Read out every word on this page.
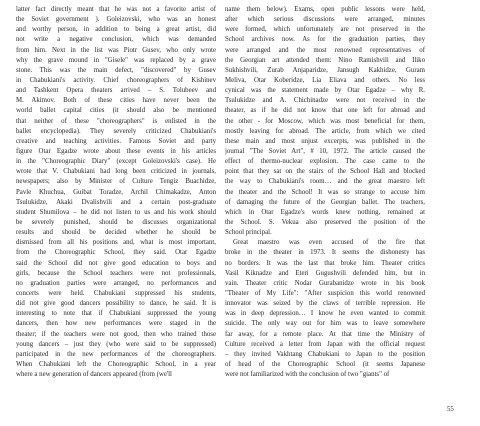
latter fact directly meant that he was not a favorite artist of
the Soviet government ). Goleizovski, who was an honest
and worthy person, in addition to being a great artist, did
not write a negative conclusion, which was demanded
from him. Next in the list was Piotr Gusev, who only wrote
why the grave mound in "Gisele" was replaced by a grave
stone. This was the main defect, "discovered" by Gusev
in Chabukiani's activity. Chief choreographers of Kishinev
and Tashkent Opera theaters arrived – S. Tolubeev and
M. Akimov. Both of these cities have never been the
world ballet capital cities (it should also be mentioned
that neither of these "choreographers" is enlisted in the
ballet encyclopedia). They severely criticized Chabukiani's
creative and teaching activities. Famous Soviet and party
figure Otar Egadze wrote about these events in his articles
in the "Choreographic Diary" (except Goleizovski's case). He
wrote that V. Chabukiani had long been criticized in journals,
newspapers; also by Minister of Culture Tengiz Buachidze,
Pavle Khuchua, Guibat Toradze, Archil Chimakadze, Anton
Tsulukidze, Akaki Dvalishvili and a certain post-graduate
student Shumilova – he did not listen to us and his work should
be severely punished, should be discusses organizational
results and should be decided whether he should be
dismissed from all his positions and, what is most important,
from the Choreographic School, they said. Otar Egadze
said the School did not give good education to boys and
girls, because the School teachers were not professionals,
no graduation parties were arranged, no performances and
concerts were held. Chabukiani suppressed his students,
did not give good dancers possibility to dance, he said. It is
interesting to note that if Chabukiani suppressed the young
dancers, then how new performances were staged in the
theater; if the teachers were not good, then who trained those
young dancers – just they (who were said to be suppressed)
participated in the new performances of the choreographers.
When Chabukiani left the Choreographic School, in a year
where a new generation of dancers appeared (from (we'll
name them below). Exams, open public lessons were held,
after which serious discussions were arranged, minutes
were formed, which unfortunately are not preserved in the
School archives now. As for the graduation parties, they
were arranged and the most renowned representatives of
the Georgian art attended them: Nino Ramishvili and Iliko
Sukhishvili, Zurab Anjaparidze, Jansugh Kakhidze, Guram
Meliva, Otar Koberidze, Lia Eliava and others. No less
cynical was the statement made by Otar Egadze – why R.
Tsulukidze and A. Chichinadze were not received in the
theater, as if he did not know that one left for abroad and
the other - for Moscow, which was most beneficial for them,
mostly leaving for abroad. The article, from which we cited
these main and most unjust excerpts, was published in the
journal "The Soviet Art", # 10, 1972. The article caused the
effect of thermo-nuclear explosion. The case came to the
point that they sat on the stairs of the School Hall and blocked
the way to Chabukiani's room… and the great maestro left
the theater and the School! It was so strange to accuse him
of damaging the future of the Georgian ballet. The teachers,
which in Otar Egadze's words knew nothing, remained at
the School. S. Vekua also preserved the position of the
School principal.
Great maestro was even accused of the fire that
broke in the theater in 1973. It seems the dishonesty has
no borders. It was the last that broke him. Theater critics
Vasil Kiknadze and Eteri Gugushvili defended him, but in
vain. Theater critic Nodar Gurabanidze wrote in his book
"Theater of My Life": "After suspicion this world renowned
innovator was seized by the claws of terrible repression. He
was in deep depression… I know he even wanted to commit
suicide. The only way out for him was to leave somewhere
far away, for a remote place. At that time the Ministry of
Culture received a letter from Japan with the official request
– they invited Vakhtang Chabukiani to Japan to the position
of head of the Choreographic School (it seems Japanese
were not familiarized with the conclusion of two "giants" of
55
